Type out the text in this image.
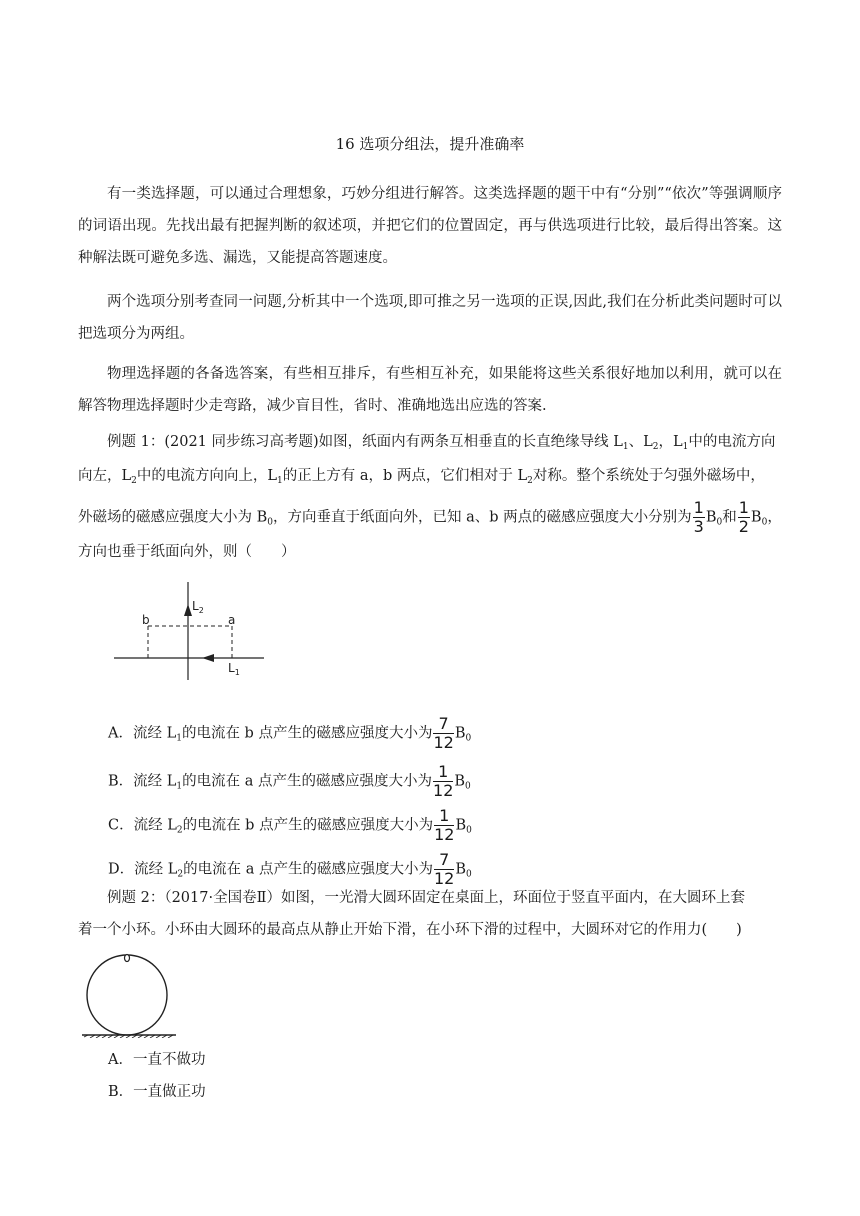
16 选项分组法，提升准确率
有一类选择题，可以通过合理想象，巧妙分组进行解答。这类选择题的题干中有“分别”“依次”等强调顺序的词语出现。先找出最有把握判断的叙述项，并把它们的位置固定，再与供选项进行比较，最后得出答案。这种解法既可避免多选、漏选，又能提高答题速度。
两个选项分别考查同一问题,分析其中一个选项,即可推之另一选项的正误,因此,我们在分析此类问题时可以把选项分为两组。
物理选择题的各备选答案，有些相互排斥，有些相互补充，如果能将这些关系很好地加以利用，就可以在解答物理选择题时少走弯路，减少盲目性，省时、准确地选出应选的答案.
例题 1：(2021 同步练习高考题)如图，纸面内有两条互相垂直的长直绝缘导线 $L_1$、$L_2$，$L_1$中的电流方向
向左，$L_2$中的电流方向向上，$L_1$的正上方有 a，b 两点，它们相对于 $L_2$对称。整个系统处于匀强外磁场中，
外磁场的磁感应强度大小为 $B_0$，方向垂直于纸面向外，已知 a、b 两点的磁感应强度大小分别为 $\frac{1}{3} B_0$和 $\frac{1}{2} B_0$，
方向也垂于纸面向外，则（　　）
b	a
$L_2$
$L_1$
A．流经 $L_1$的电流在 b 点产生的磁感应强度大小为 $\frac{7}{12} B_0$
B．流经 $L_1$的电流在 a 点产生的磁感应强度大小为 $\frac{1}{12} B_0$
C．流经 $L_2$的电流在 b 点产生的磁感应强度大小为 $\frac{1}{12} B_0$
D．流经 $L_2$的电流在 a 点产生的磁感应强度大小为 $\frac{7}{12} B_0$
例题 2：（2017·全国卷Ⅱ）如图，一光滑大圆环固定在桌面上，环面位于竖直平面内，在大圆环上套
着一个小环。小环由大圆环的最高点从静止开始下滑，在小环下滑的过程中，大圆环对它的作用力(　　)
A．一直不做功
B．一直做正功
